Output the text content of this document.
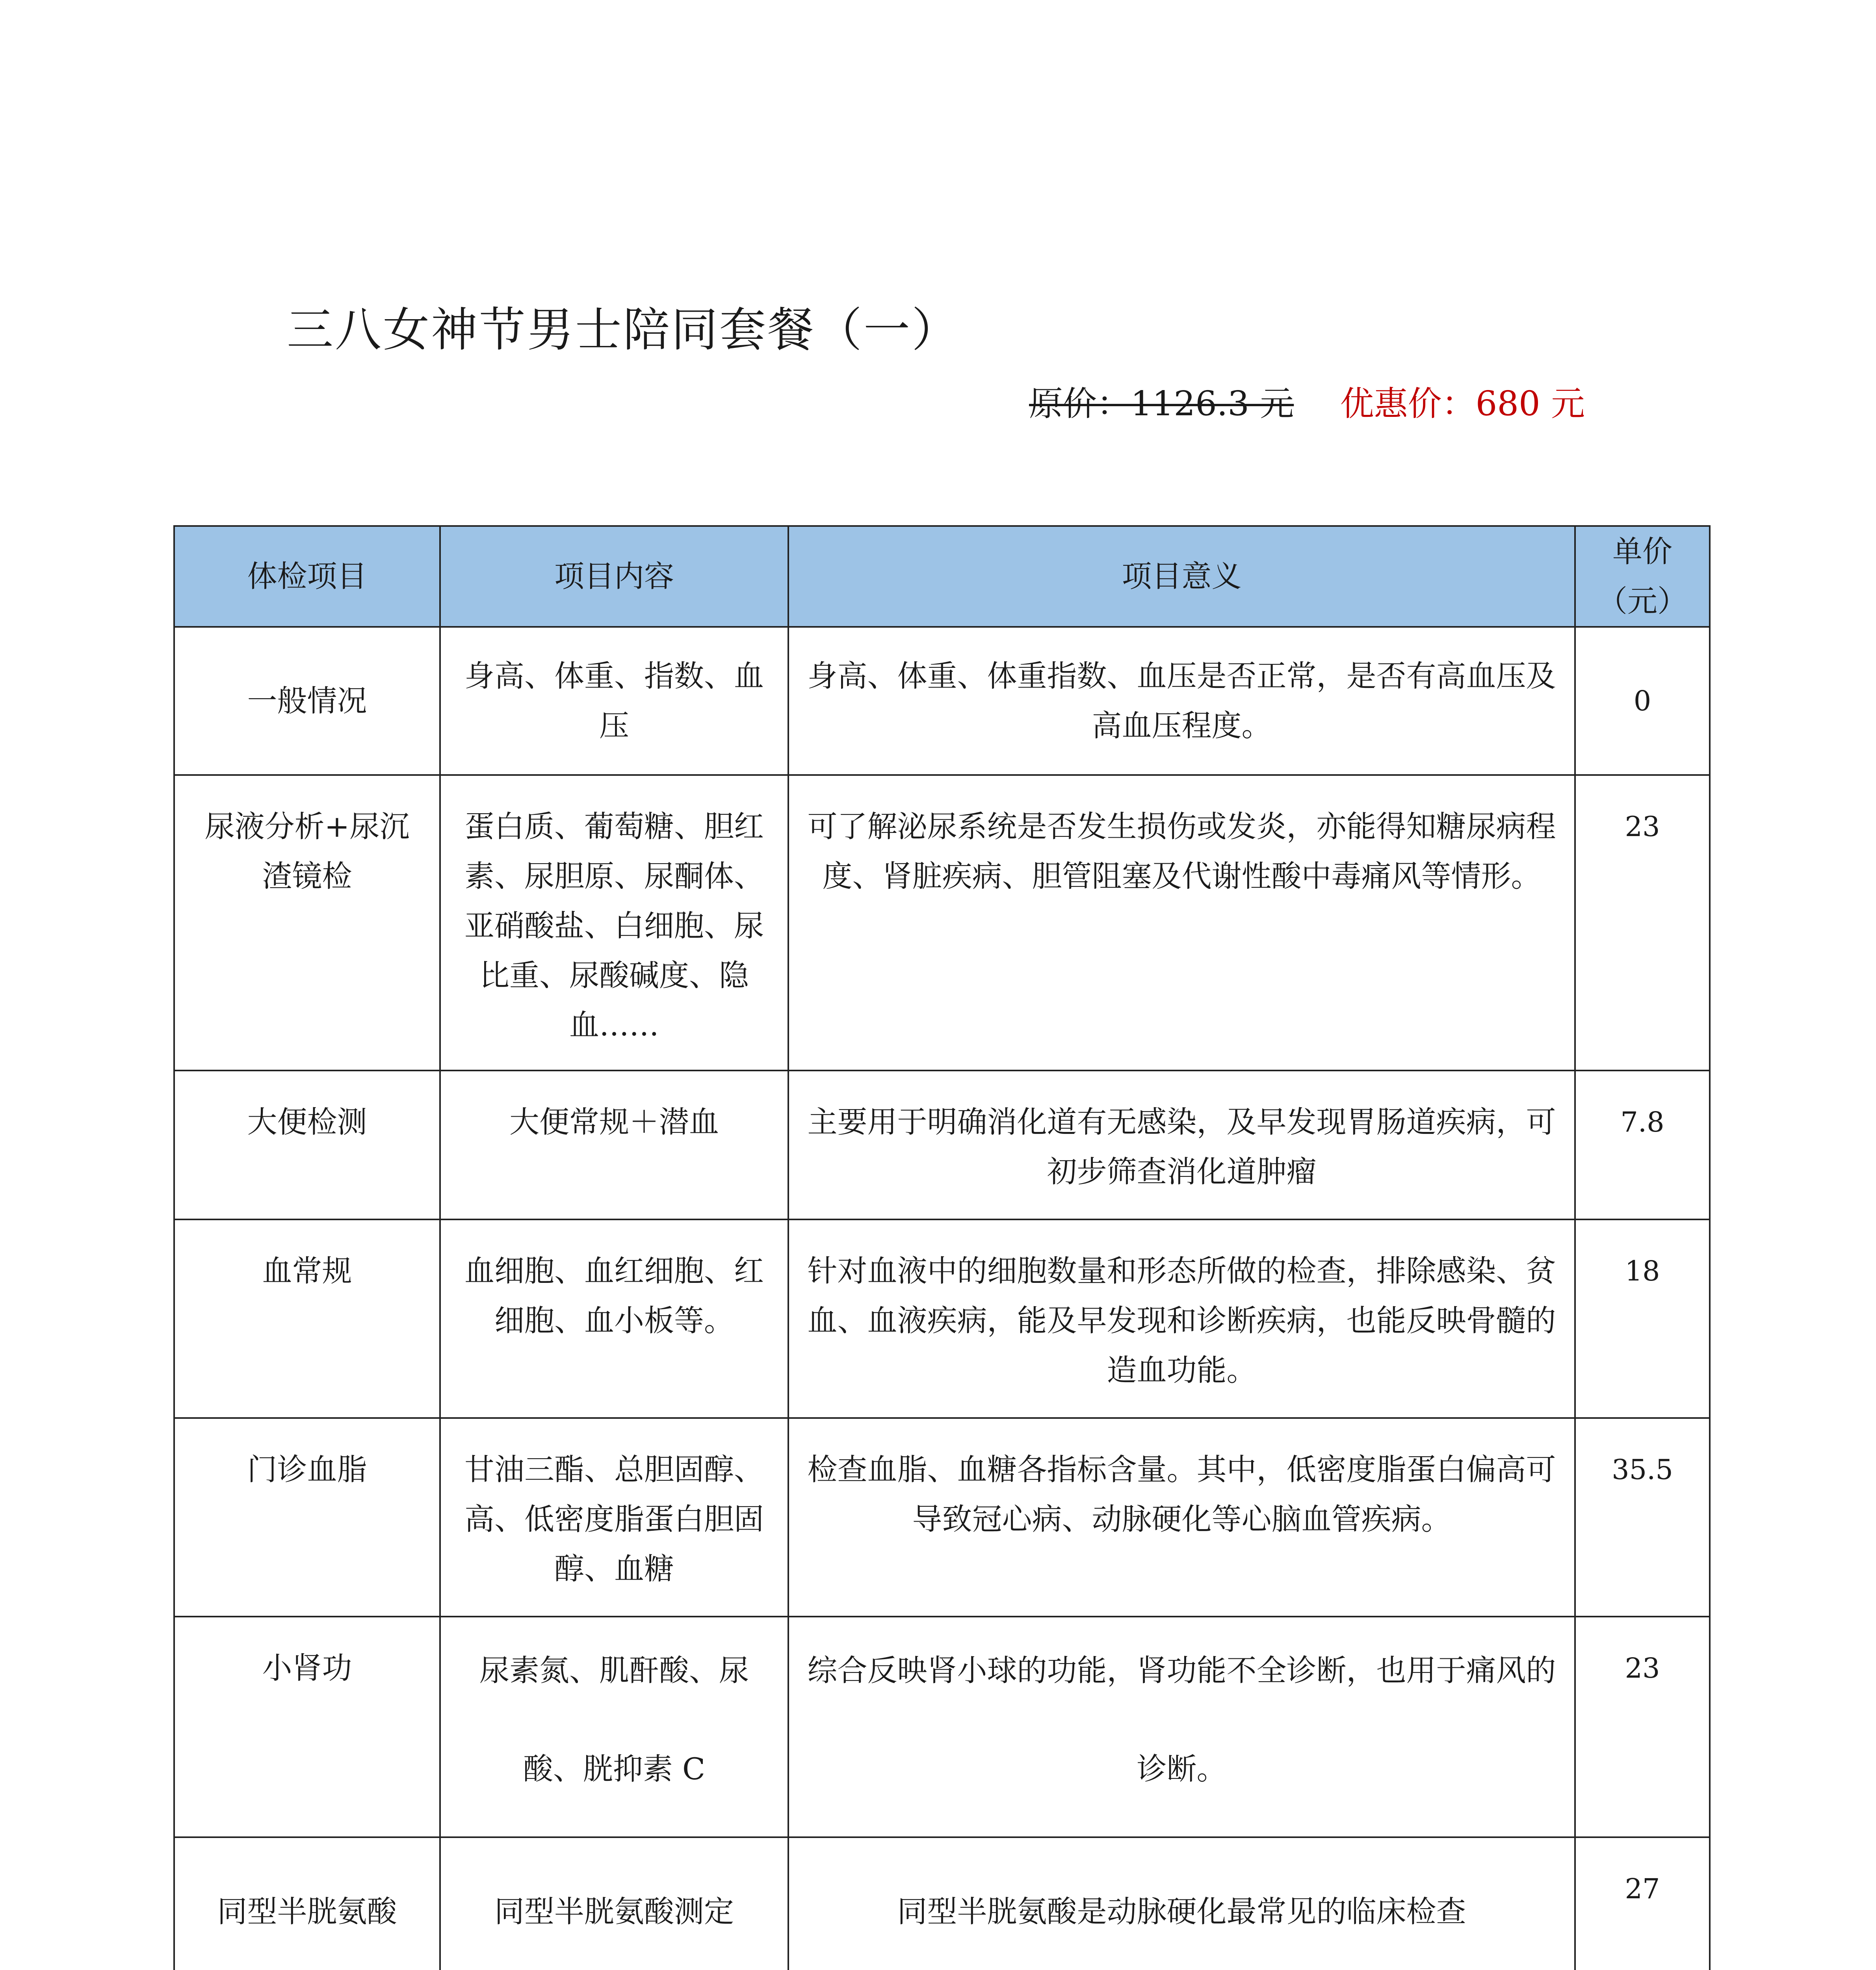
三八女神节男士陪同套餐（一）
原价：1126.3 元 优惠价：680 元
体检项目	项目内容	项目意义	单价（元）
一般情况	身高、体重、指数、血压	身高、体重、体重指数、血压是否正常，是否有高血压及高血压程度。	0
尿液分析+尿沉渣镜检	蛋白质、葡萄糖、胆红素、尿胆原、尿酮体、亚硝酸盐、白细胞、尿比重、尿酸碱度、隐血……	可了解泌尿系统是否发生损伤或发炎，亦能得知糖尿病程度、肾脏疾病、胆管阻塞及代谢性酸中毒痛风等情形。	23
大便检测	大便常规＋潜血	主要用于明确消化道有无感染，及早发现胃肠道疾病，可初步筛查消化道肿瘤	7.8
血常规	血细胞、血红细胞、红细胞、血小板等。	针对血液中的细胞数量和形态所做的检查，排除感染、贫血、血液疾病，能及早发现和诊断疾病，也能反映骨髓的造血功能。	18
门诊血脂	甘油三酯、总胆固醇、高、低密度脂蛋白胆固醇、血糖	检查血脂、血糖各指标含量。其中，低密度脂蛋白偏高可导致冠心病、动脉硬化等心脑血管疾病。	35.5
小肾功	尿素氮、肌酐酸、尿酸、胱抑素 C	综合反映肾小球的功能，肾功能不全诊断，也用于痛风的诊断。	23
同型半胱氨酸	同型半胱氨酸测定	同型半胱氨酸是动脉硬化最常见的临床检查	27
